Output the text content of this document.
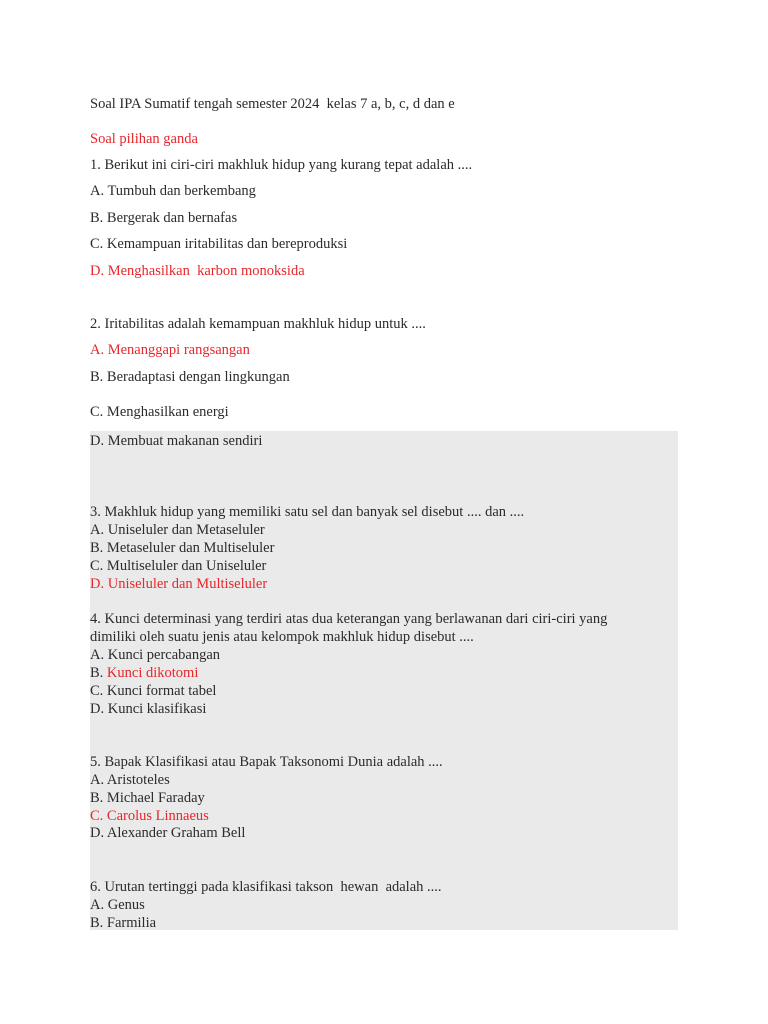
Soal IPA Sumatif tengah semester 2024  kelas 7 a, b, c, d dan e
Soal pilihan ganda
1. Berikut ini ciri-ciri makhluk hidup yang kurang tepat adalah ....
A. Tumbuh dan berkembang
B. Bergerak dan bernafas
C. Kemampuan iritabilitas dan bereproduksi
D. Menghasilkan  karbon monoksida
2. Iritabilitas adalah kemampuan makhluk hidup untuk ....
A. Menanggapi rangsangan
B. Beradaptasi dengan lingkungan
C. Menghasilkan energi
D. Membuat makanan sendiri
3. Makhluk hidup yang memiliki satu sel dan banyak sel disebut .... dan ....
A. Uniseluler dan Metaseluler
B. Metaseluler dan Multiseluler
C. Multiseluler dan Uniseluler
D. Uniseluler dan Multiseluler
4. Kunci determinasi yang terdiri atas dua keterangan yang berlawanan dari ciri-ciri yang dimiliki oleh suatu jenis atau kelompok makhluk hidup disebut ....
A. Kunci percabangan
B. Kunci dikotomi
C. Kunci format tabel
D. Kunci klasifikasi
5. Bapak Klasifikasi atau Bapak Taksonomi Dunia adalah ....
A. Aristoteles
B. Michael Faraday
C. Carolus Linnaeus
D. Alexander Graham Bell
6. Urutan tertinggi pada klasifikasi takson  hewan  adalah ....
A. Genus
B. Farmilia
